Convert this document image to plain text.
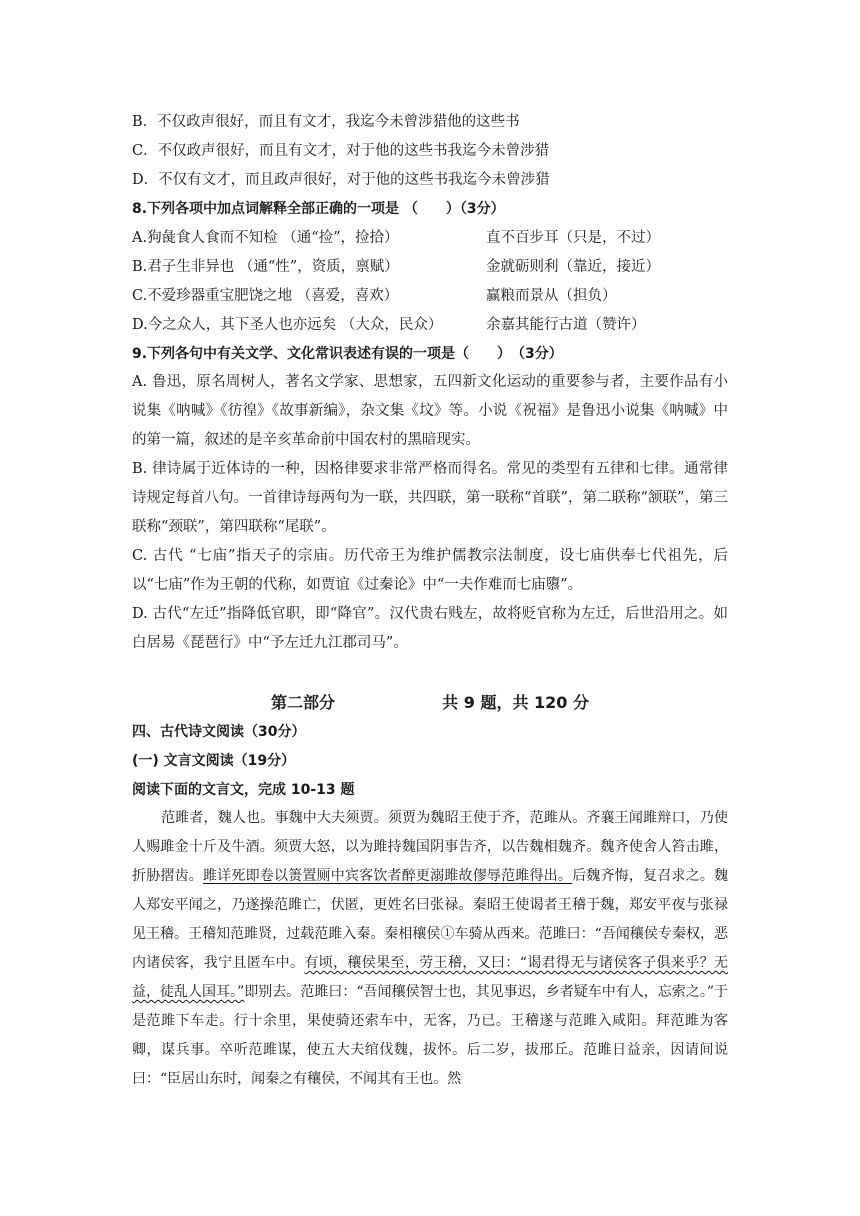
B．不仅政声很好，而且有文才，我迄今未曾涉猎他的这些书
C．不仅政声很好，而且有文才，对于他的这些书我迄今未曾涉猎
D．不仅有文才，而且政声很好，对于他的这些书我迄今未曾涉猎
8.下列各项中加点词解释全部正确的一项是 （　　）（3分）
A.狗彘食人食而不知检 （通“捡”，捡拾）	直不百步耳（只是，不过）
B.君子生非异也 （通“性”，资质，禀赋）	金就砺则利（靠近，接近）
C.不爱珍器重宝肥饶之地 （喜爱，喜欢）	赢粮而景从（担负）
D.今之众人，其下圣人也亦远矣 （大众，民众）	余嘉其能行古道（赞许）
9.下列各句中有关文学、文化常识表述有误的一项是（　　）　（3分）
A. 鲁迅，原名周树人，著名文学家、思想家，五四新文化运动的重要参与者，主要作品有小说集《呐喊》《彷徨》《故事新编》，杂文集《坟》等。小说《祝福》是鲁迅小说集《呐喊》中的第一篇，叙述的是辛亥革命前中国农村的黑暗现实。
B. 律诗属于近体诗的一种，因格律要求非常严格而得名。常见的类型有五律和七律。通常律诗规定每首八句。一首律诗每两句为一联，共四联，第一联称“首联”，第二联称“颔联”，第三联称“颈联”，第四联称“尾联”。
C. 古代 “七庙”指天子的宗庙。历代帝王为维护儒教宗法制度，设七庙供奉七代祖先，后以“七庙”作为王朝的代称，如贾谊《过秦论》中“一夫作难而七庙隳”。
D. 古代“左迁”指降低官职，即“降官”。汉代贵右贱左，故将贬官称为左迁，后世沿用之。如白居易《琵琶行》中“予左迁九江郡司马”。
第二部分	共 9 题，共 120 分
四、古代诗文阅读（30分）
(一) 文言文阅读（19分）
阅读下面的文言文，完成 10-13 题
范雎者，魏人也。事魏中大夫须贾。须贾为魏昭王使于齐，范雎从。齐襄王闻雎辩口，乃使人赐雎金十斤及牛酒。须贾大怒，以为雎持魏国阴事告齐，以告魏相魏齐。魏齐使舍人笞击雎，折胁摺齿。雎详死即卷以箦置厕中宾客饮者醉更溺雎故僇辱范雎得出。后魏齐悔，复召求之。魏人郑安平闻之，乃遂操范雎亡，伏匿，更姓名曰张禄。秦昭王使谒者王稽于魏，郑安平夜与张禄见王稽。王稽知范雎贤，过载范雎入秦。秦相穰侯①车骑从西来。范雎曰：“吾闻穰侯专秦权，恶内诸侯客，我宁且匿车中。有顷，穰侯果至，劳王稽，又曰：“谒君得无与诸侯客子俱来乎？无益，徒乱人国耳。”即别去。范雎曰：“吾闻穰侯智士也，其见事迟，乡者疑车中有人，忘索之。”于是范雎下车走。行十余里，果使骑还索车中，无客，乃已。王稽遂与范雎入咸阳。拜范雎为客卿，谋兵事。卒听范雎谋，使五大夫绾伐魏，拔怀。后二岁，拔邢丘。范雎日益亲，因请间说曰：“臣居山东时，闻秦之有穰侯，不闻其有王也。然
